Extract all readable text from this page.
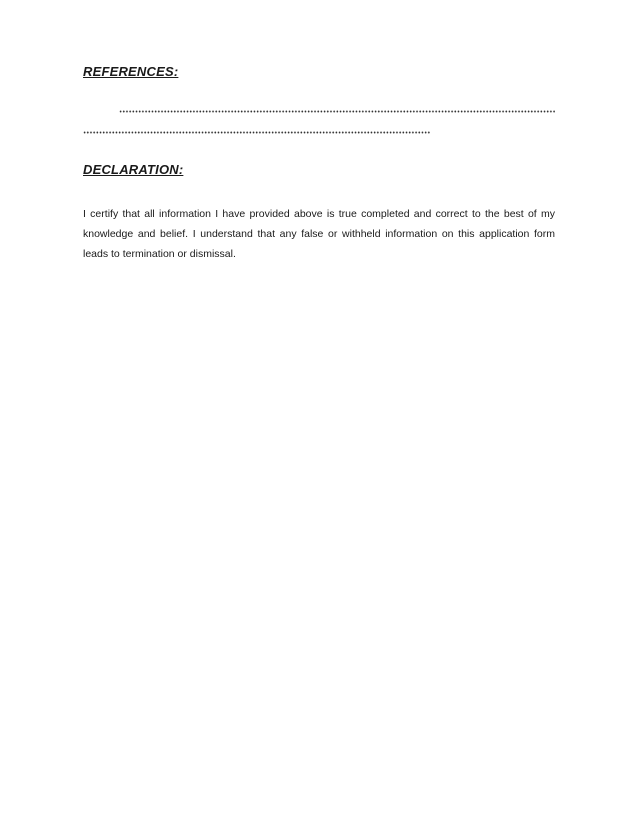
REFERENCES:
DECLARATION:

I certify that all information I have provided above is true completed and correct to the best of my knowledge and belief. I understand that any false or withheld information on this application form leads to termination or dismissal.
